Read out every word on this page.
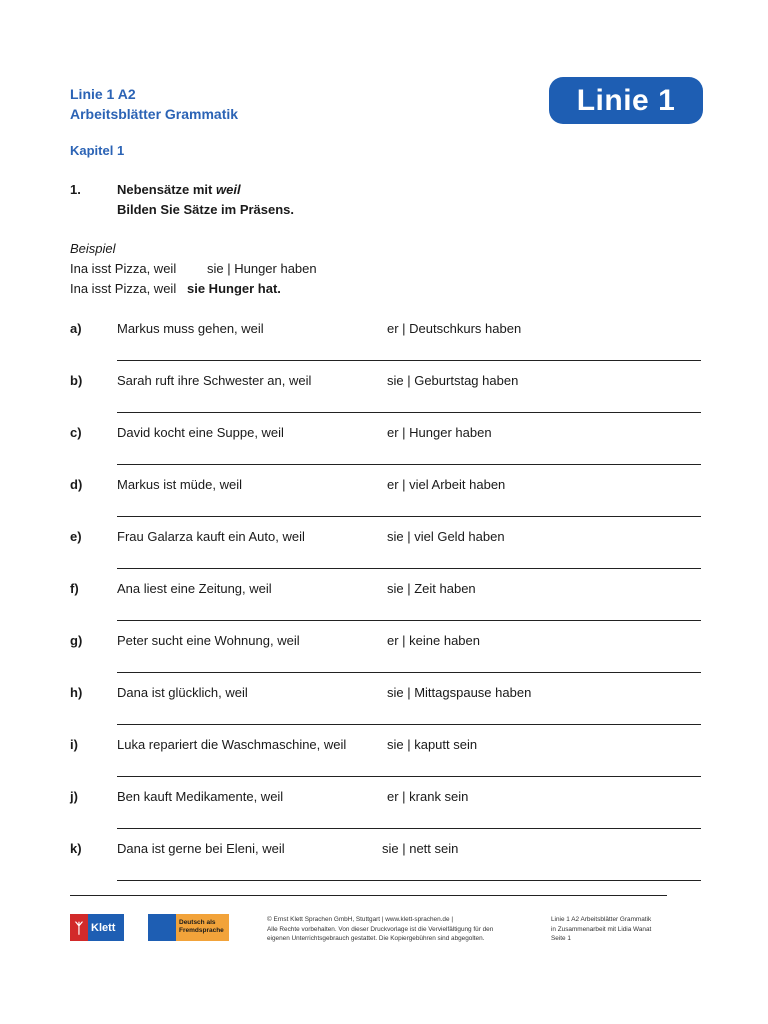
Linie 1 A2
Arbeitsblätter Grammatik	Linie 1
Kapitel 1
1.	Nebensätze mit weil
Bilden Sie Sätze im Präsens.
Beispiel
Ina isst Pizza, weil sie | Hunger haben
Ina isst Pizza, weil sie Hunger hat.
a)	Markus muss gehen, weil	er | Deutschkurs haben
b)	Sarah ruft ihre Schwester an, weil	sie | Geburtstag haben
c)	David kocht eine Suppe, weil	er | Hunger haben
d)	Markus ist müde, weil	er | viel Arbeit haben
e)	Frau Galarza kauft ein Auto, weil	sie | viel Geld haben
f)	Ana liest eine Zeitung, weil	sie | Zeit haben
g)	Peter sucht eine Wohnung, weil	er | keine haben
h)	Dana ist glücklich, weil	sie | Mittagspause haben
i)	Luka repariert die Waschmaschine, weil	sie | kaputt sein
j)	Ben kauft Medikamente, weil	er | krank sein
k)	Dana ist gerne bei Eleni, weil	sie | nett sein
ᛉ Klett	Deutsch als
Fremdsprache
© Ernst Klett Sprachen GmbH, Stuttgart | www.klett-sprachen.de |
Alle Rechte vorbehalten. Von dieser Druckvorlage ist die Vervielfältigung für den
eigenen Unterrichtsgebrauch gestattet. Die Kopiergebühren sind abgegolten.
Linie 1 A2 Arbeitsblätter Grammatik
in Zusammenarbeit mit Lidia Wanat
Seite 1
